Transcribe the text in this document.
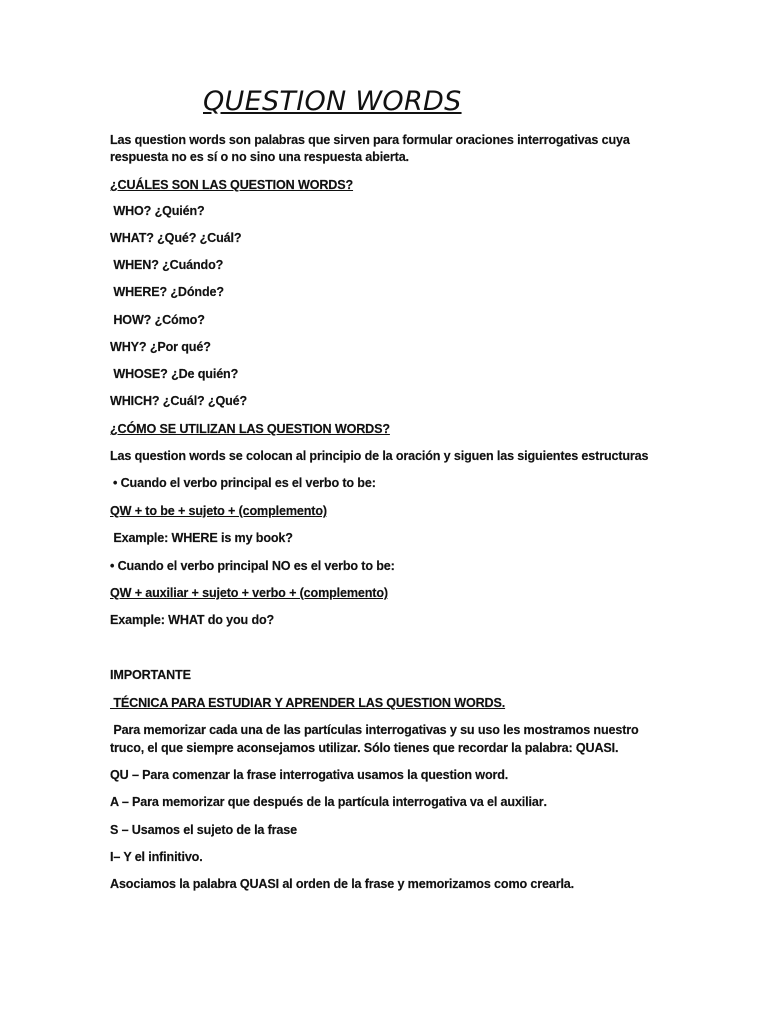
QUESTION WORDS
Las question words son palabras que sirven para formular oraciones interrogativas cuya
respuesta no es sí o no sino una respuesta abierta.
¿CUÁLES SON LAS QUESTION WORDS?
WHO? ¿Quién?
WHAT? ¿Qué? ¿Cuál?
WHEN? ¿Cuándo?
WHERE? ¿Dónde?
HOW? ¿Cómo?
WHY? ¿Por qué?
WHOSE? ¿De quién?
WHICH? ¿Cuál? ¿Qué?
¿CÓMO SE UTILIZAN LAS QUESTION WORDS?
Las question words se colocan al principio de la oración y siguen las siguientes estructuras
• Cuando el verbo principal es el verbo to be:
QW + to be + sujeto + (complemento)
Example: WHERE is my book?
• Cuando el verbo principal NO es el verbo to be:
QW + auxiliar + sujeto + verbo + (complemento)
Example: WHAT do you do?
IMPORTANTE
TÉCNICA PARA ESTUDIAR Y APRENDER LAS QUESTION WORDS.
Para memorizar cada una de las partículas interrogativas y su uso les mostramos nuestro
truco, el que siempre aconsejamos utilizar. Sólo tienes que recordar la palabra: QUASI.
QU – Para comenzar la frase interrogativa usamos la question word.
A – Para memorizar que después de la partícula interrogativa va el auxiliar.
S – Usamos el sujeto de la frase
I– Y el infinitivo.
Asociamos la palabra QUASI al orden de la frase y memorizamos como crearla.
